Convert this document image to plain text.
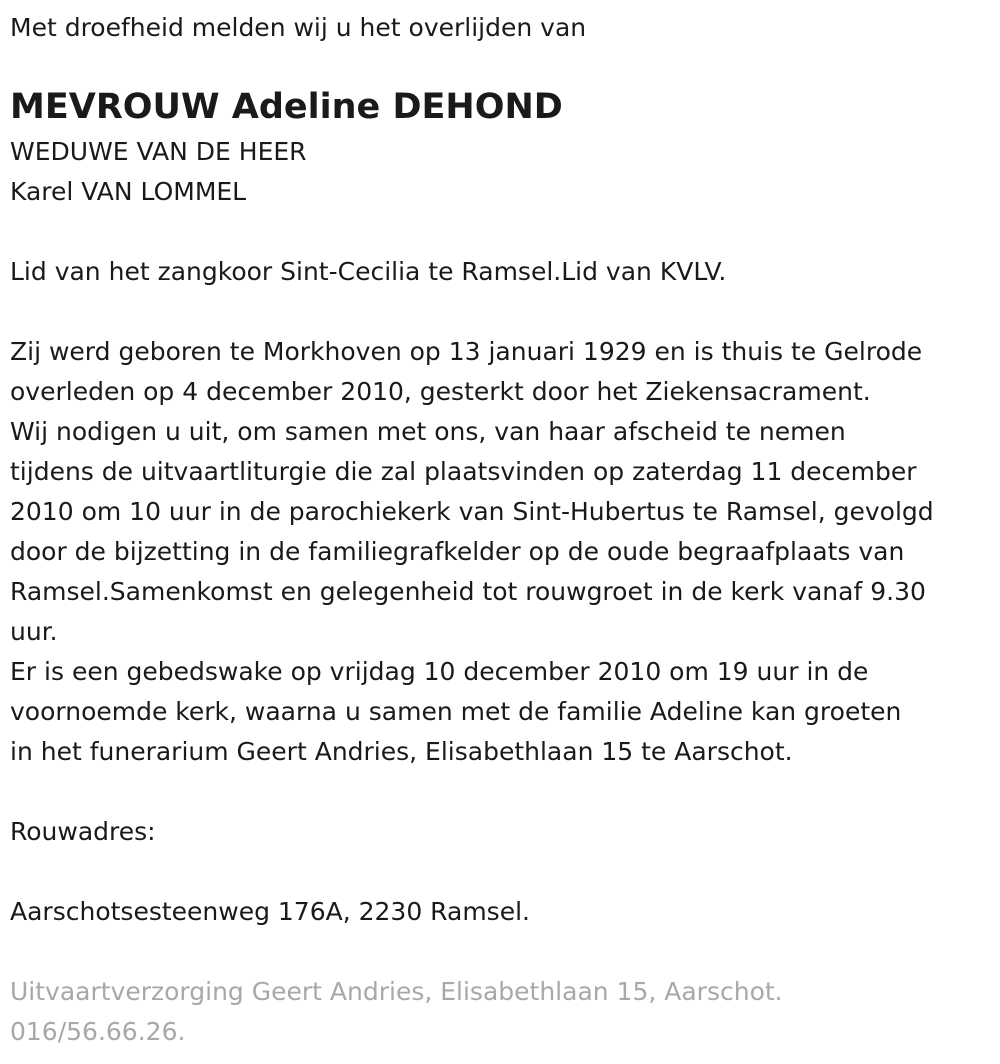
Met droefheid melden wij u het overlijden van

MEVROUW Adeline DEHOND

WEDUWE VAN DE HEER

Karel VAN LOMMEL

Lid van het zangkoor Sint-Cecilia te Ramsel.Lid van KVLV.

Zij werd geboren te Morkhoven op 13 januari 1929 en is thuis te Gelrode

overleden op 4 december 2010, gesterkt door het Ziekensacrament.

Wij nodigen u uit, om samen met ons, van haar afscheid te nemen

tijdens de uitvaartliturgie die zal plaatsvinden op zaterdag 11 december

2010 om 10 uur in de parochiekerk van Sint-Hubertus te Ramsel, gevolgd

door de bijzetting in de familiegrafkelder op de oude begraafplaats van

Ramsel.Samenkomst en gelegenheid tot rouwgroet in de kerk vanaf 9.30

uur.

Er is een gebedswake op vrijdag 10 december 2010 om 19 uur in de

voornoemde kerk, waarna u samen met de familie Adeline kan groeten

in het funerarium Geert Andries, Elisabethlaan 15 te Aarschot.

Rouwadres:

Aarschotsesteenweg 176A, 2230 Ramsel.

Uitvaartverzorging Geert Andries, Elisabethlaan 15, Aarschot.

016/56.66.26.
